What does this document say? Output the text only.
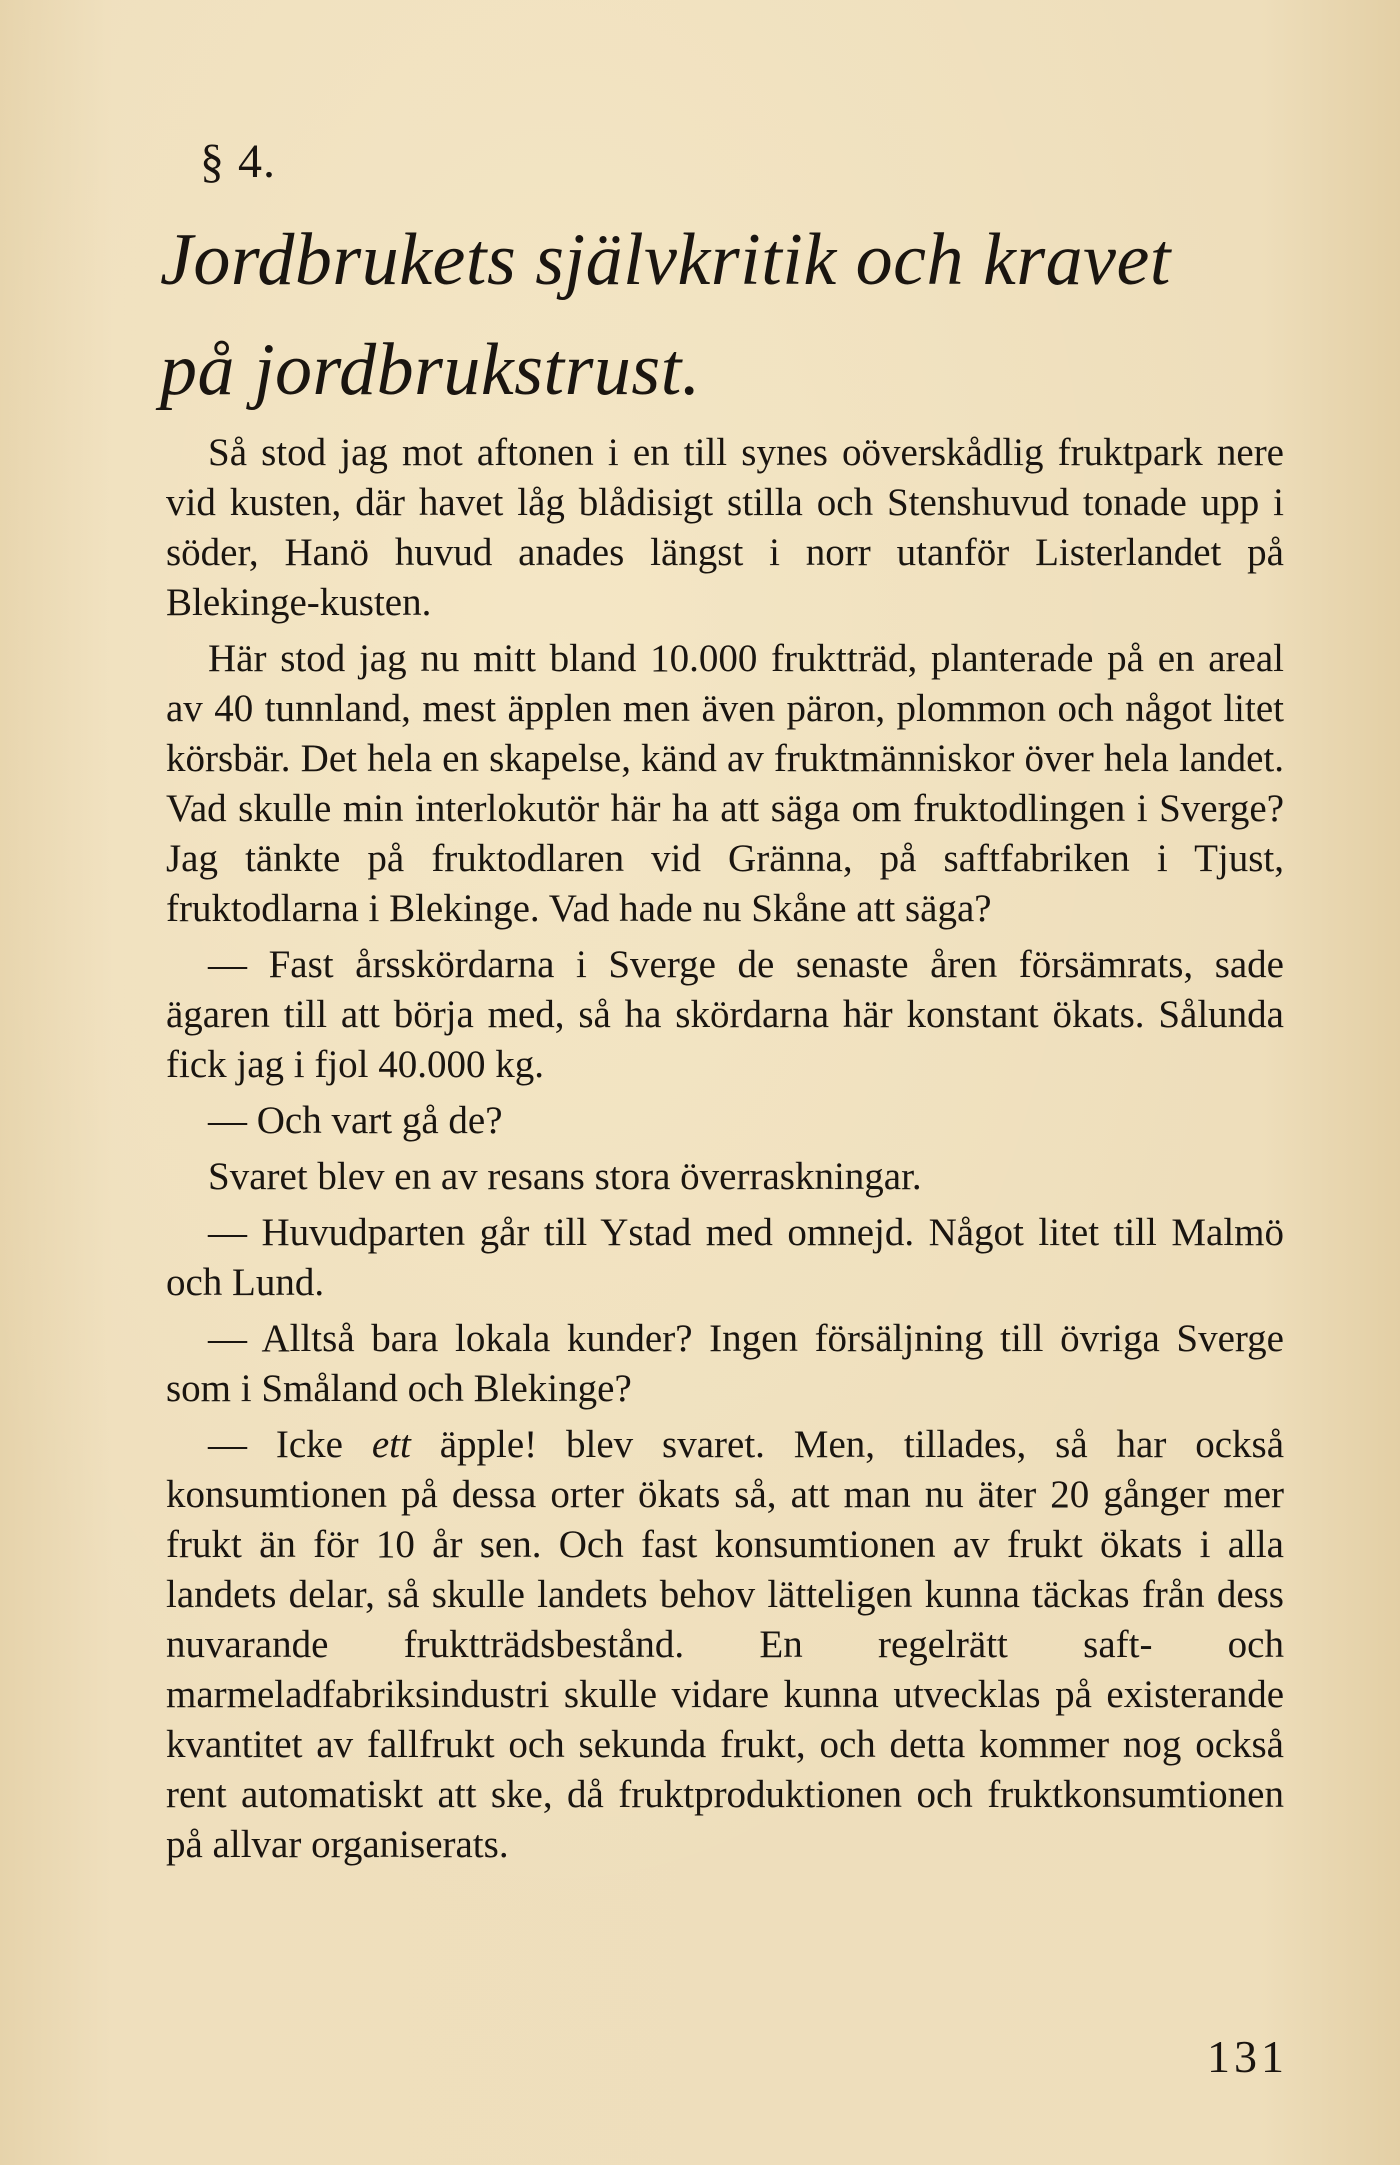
§ 4.
Jordbrukets självkritik och kravet
på jordbrukstrust.

Så stod jag mot aftonen i en till synes oöverskådlig fruktpark nere vid kusten, där havet låg blådisigt stilla och Stenshuvud tonade upp i söder, Hanö huvud anades längst i norr utanför Listerlandet på Blekinge-kusten.

Här stod jag nu mitt bland 10.000 fruktträd, planterade på en areal av 40 tunnland, mest äpplen men även päron, plommon och något litet körsbär. Det hela en skapelse, känd av fruktmänniskor över hela landet. Vad skulle min interlokutör här ha att säga om fruktodlingen i Sverge? Jag tänkte på fruktodlaren vid Gränna, på saftfabriken i Tjust, fruktodlarna i Blekinge. Vad hade nu Skåne att säga?

— Fast årsskördarna i Sverge de senaste åren försämrats, sade ägaren till att börja med, så ha skördarna här konstant ökats. Sålunda fick jag i fjol 40.000 kg.

— Och vart gå de?

Svaret blev en av resans stora överraskningar.

— Huvudparten går till Ystad med omnejd. Något litet till Malmö och Lund.

— Alltså bara lokala kunder? Ingen försäljning till övriga Sverge som i Småland och Blekinge?

— Icke ett äpple! blev svaret. Men, tillades, så har också konsumtionen på dessa orter ökats så, att man nu äter 20 gånger mer frukt än för 10 år sen. Och fast konsumtionen av frukt ökats i alla landets delar, så skulle landets behov lätteligen kunna täckas från dess nuvarande fruktträdsbestånd. En regelrätt saft- och marmeladfabriksindustri skulle vidare kunna utvecklas på existerande kvantitet av fallfrukt och sekunda frukt, och detta kommer nog också rent automatiskt att ske, då fruktproduktionen och fruktkonsumtionen på allvar organiserats.

131
